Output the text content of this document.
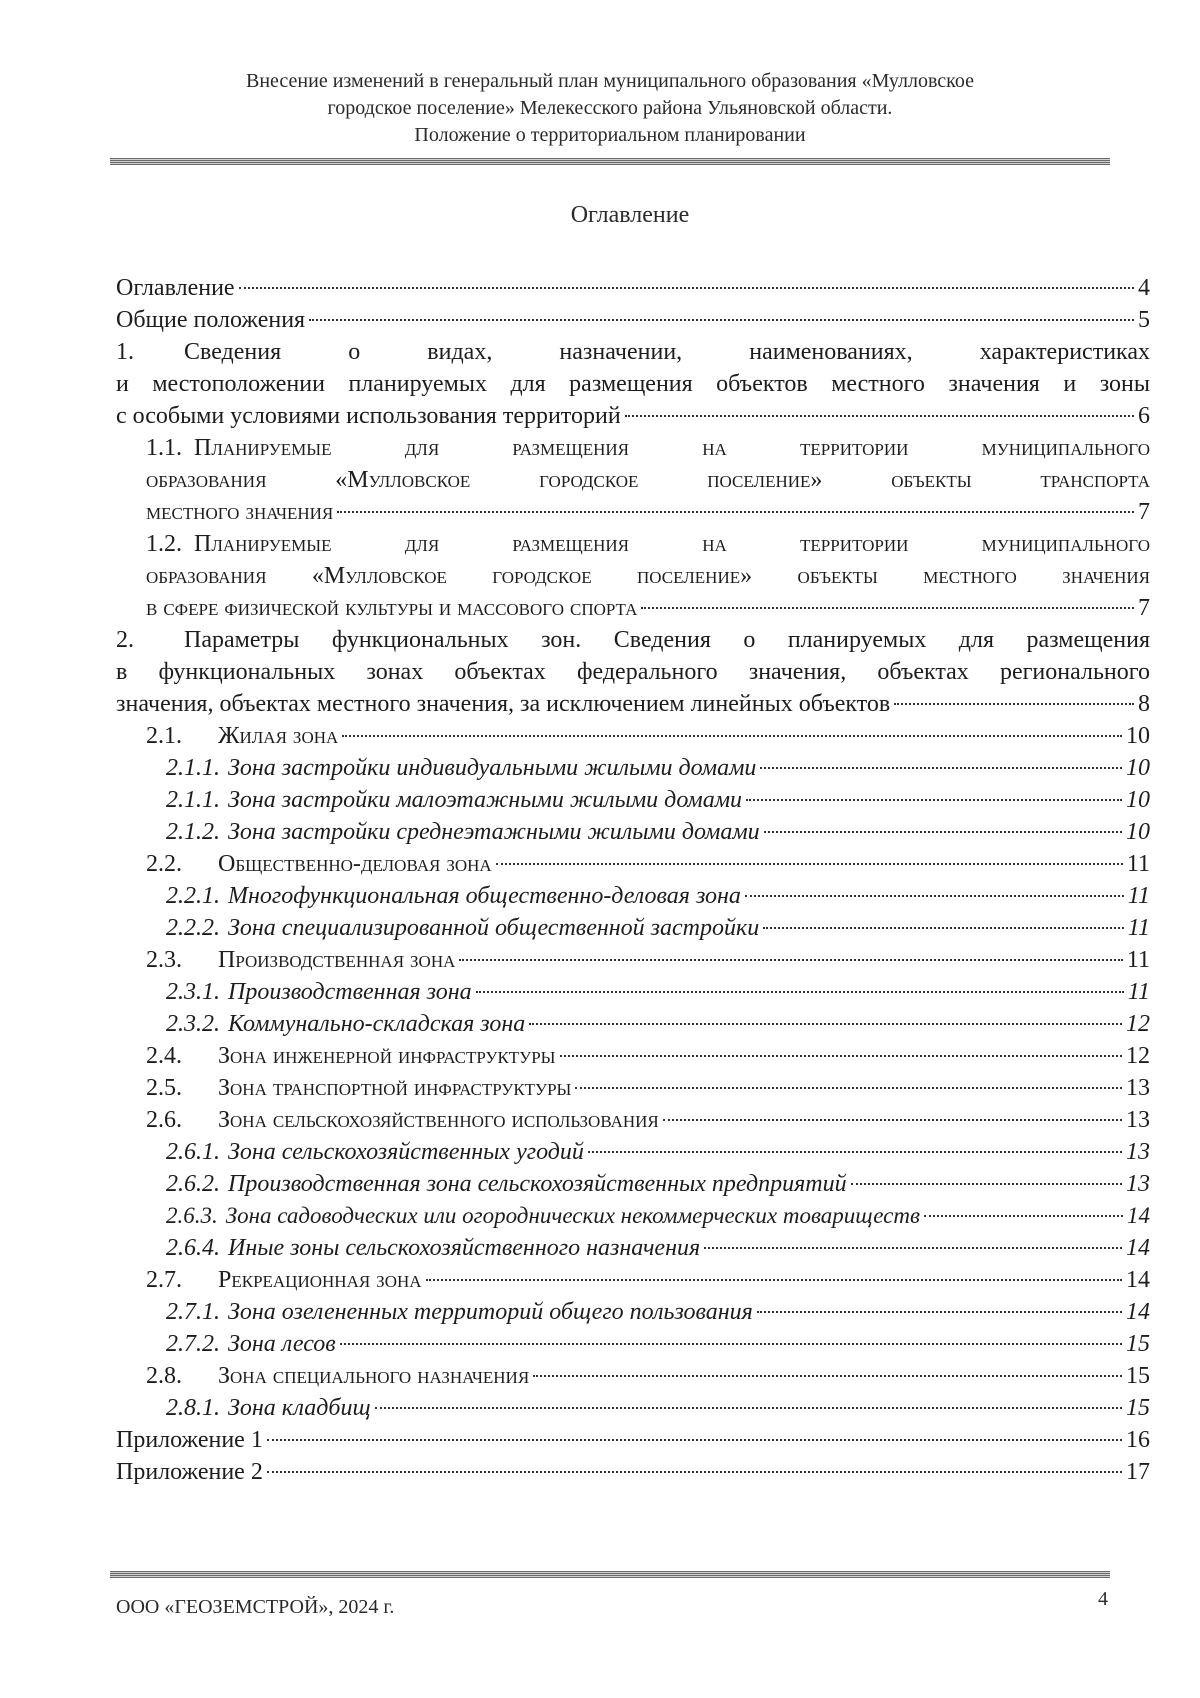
Внесение изменений в генеральный план муниципального образования «Мулловское
городское поселение» Мелекесского района Ульяновской области.
Положение о территориальном планировании
Оглавление
Оглавление	4
Общие положения	5
1. Сведения о видах, назначении, наименованиях, характеристиках
и местоположении планируемых для размещения объектов местного значения и зоны
с особыми условиями использования территорий	6
1.1. Планируемые для размещения на территории муниципального
образования «Мулловское городское поселение» объекты транспорта
местного значения	7
1.2. Планируемые для размещения на территории муниципального
образования «Мулловское городское поселение» объекты местного значения
в сфере физической культуры и массового спорта	7
2. Параметры функциональных зон. Сведения о планируемых для размещения
в функциональных зонах объектах федерального значения, объектах регионального
значения, объектах местного значения, за исключением линейных объектов	8
2.1.	Жилая зона	10
2.1.1. Зона застройки индивидуальными жилыми домами	10
2.1.1. Зона застройки малоэтажными жилыми домами	10
2.1.2. Зона застройки среднеэтажными жилыми домами	10
2.2.	Общественно-деловая зона	11
2.2.1. Многофункциональная общественно-деловая зона	11
2.2.2. Зона специализированной общественной застройки	11
2.3.	Производственная зона	11
2.3.1. Производственная зона	11
2.3.2. Коммунально-складская зона	12
2.4.	Зона инженерной инфраструктуры	12
2.5.	Зона транспортной инфраструктуры	13
2.6.	Зона сельскохозяйственного использования	13
2.6.1. Зона сельскохозяйственных угодий	13
2.6.2. Производственная зона сельскохозяйственных предприятий	13
2.6.3. Зона садоводческих или огороднических некоммерческих товариществ	14
2.6.4. Иные зоны сельскохозяйственного назначения	14
2.7.	Рекреационная зона	14
2.7.1. Зона озелененных территорий общего пользования	14
2.7.2. Зона лесов	15
2.8.	Зона специального назначения	15
2.8.1. Зона кладбищ	15
Приложение 1	16
Приложение 2	17
ООО «ГЕОЗЕМСТРОЙ», 2024 г.	4
